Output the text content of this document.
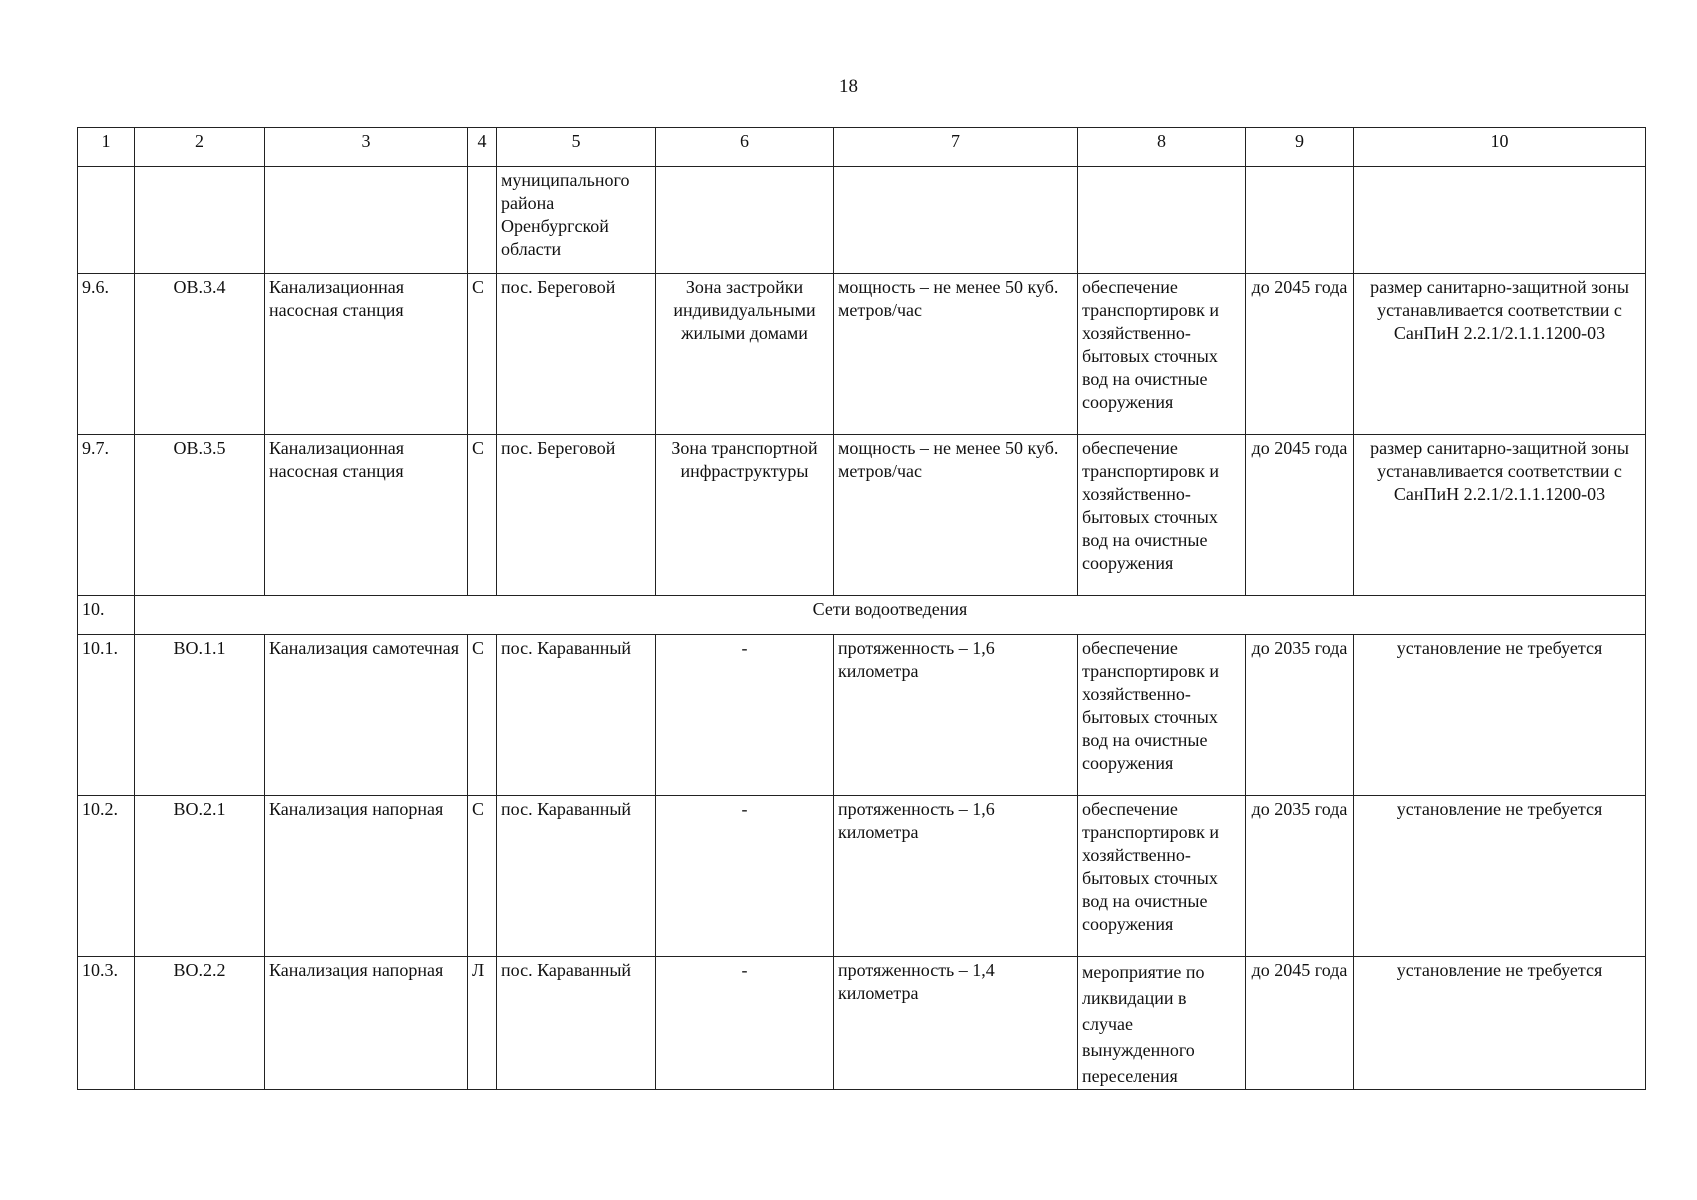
18
1	2	3	4	5	6	7	8	9	10
				муниципального района Оренбургской области					
9.6.	ОВ.3.4	Канализационная насосная станция	С	пос. Береговой	Зона застройки индивидуальными жилыми домами	мощность – не менее 50 куб. метров/час	обеспечение транспортировк и хозяйственно-бытовых сточных вод на очистные сооружения	до 2045 года	размер санитарно-защитной зоны устанавливается соответствии с СанПиН 2.2.1/2.1.1.1200-03
9.7.	ОВ.3.5	Канализационная насосная станция	С	пос. Береговой	Зона транспортной инфраструктуры	мощность – не менее 50 куб. метров/час	обеспечение транспортировк и хозяйственно-бытовых сточных вод на очистные сооружения	до 2045 года	размер санитарно-защитной зоны устанавливается соответствии с СанПиН 2.2.1/2.1.1.1200-03
10.	Сети водоотведения								
10.1.	ВО.1.1	Канализация самотечная	С	пос. Караванный	-	протяженность – 1,6 километра	обеспечение транспортировк и хозяйственно-бытовых сточных вод на очистные сооружения	до 2035 года	установление не требуется
10.2.	ВО.2.1	Канализация напорная	С	пос. Караванный	-	протяженность – 1,6 километра	обеспечение транспортировк и хозяйственно-бытовых сточных вод на очистные сооружения	до 2035 года	установление не требуется
10.3.	ВО.2.2	Канализация напорная	Л	пос. Караванный	-	протяженность – 1,4 километра	мероприятие по ликвидации в случае вынужденного переселения	до 2045 года	установление не требуется
